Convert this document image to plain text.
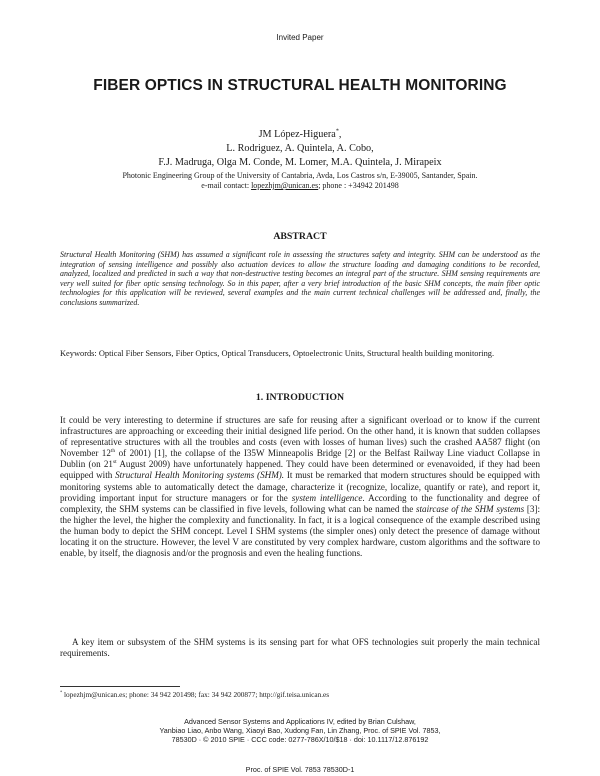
Invited Paper
FIBER OPTICS IN STRUCTURAL HEALTH MONITORING
JM López-Higuera*,
L. Rodriguez, A. Quintela, A. Cobo,
F.J. Madruga, Olga M. Conde, M. Lomer, M.A. Quintela, J. Mirapeix
Photonic Engineering Group of the University of Cantabria, Avda, Los Castros s/n, E-39005, Santander, Spain.
e-mail contact: lopezhjm@unican.es; phone : +34942 201498
ABSTRACT
Structural Health Monitoring (SHM) has assumed a significant role in assessing the structures safety and integrity. SHM can be understood as the integration of sensing intelligence and possibly also actuation devices to allow the structure loading and damaging conditions to be recorded, analyzed, localized and predicted in such a way that non-destructive testing becomes an integral part of the structure. SHM sensing requirements are very well suited for fiber optic sensing technology. So in this paper, after a very brief introduction of the basic SHM concepts, the main fiber optic technologies for this application will be reviewed, several examples and the main current technical challenges will be addressed and, finally, the conclusions summarized.
Keywords: Optical Fiber Sensors, Fiber Optics, Optical Transducers, Optoelectronic Units, Structural health building monitoring.
1. INTRODUCTION
It could be very interesting to determine if structures are safe for reusing after a significant overload or to know if the current infrastructures are approaching or exceeding their initial designed life period. On the other hand, it is known that sudden collapses of representative structures with all the troubles and costs (even with losses of human lives) such the crashed AA587 flight (on November 12th of 2001) [1], the collapse of the I35W Minneapolis Bridge [2] or the Belfast Railway Line viaduct Collapse in Dublin (on 21st August 2009) have unfortunately happened. They could have been determined or evenavoided, if they had been equipped with Structural Health Monitoring systems (SHM). It must be remarked that modern structures should be equipped with monitoring systems able to automatically detect the damage, characterize it (recognize, localize, quantify or rate), and report it, providing important input for structure managers or for the system intelligence. According to the functionality and degree of complexity, the SHM systems can be classified in five levels, following what can be named the staircase of the SHM systems [3]: the higher the level, the higher the complexity and functionality. In fact, it is a logical consequence of the example described using the human body to depict the SHM concept. Level I SHM systems (the simpler ones) only detect the presence of damage without locating it on the structure. However, the level V are constituted by very complex hardware, custom algorithms and the software to enable, by itself, the diagnosis and/or the prognosis and even the healing functions.
A key item or subsystem of the SHM systems is its sensing part for what OFS technologies suit properly the main technical requirements.
* lopezhjm@unican.es; phone: 34 942 201498; fax: 34 942 200877; http://gif.teisa.unican.es
Advanced Sensor Systems and Applications IV, edited by Brian Culshaw,
Yanbiao Liao, Anbo Wang, Xiaoyi Bao, Xudong Fan, Lin Zhang, Proc. of SPIE Vol. 7853,
78530D · © 2010 SPIE · CCC code: 0277-786X/10/$18 · doi: 10.1117/12.876192
Proc. of SPIE Vol. 7853 78530D-1
